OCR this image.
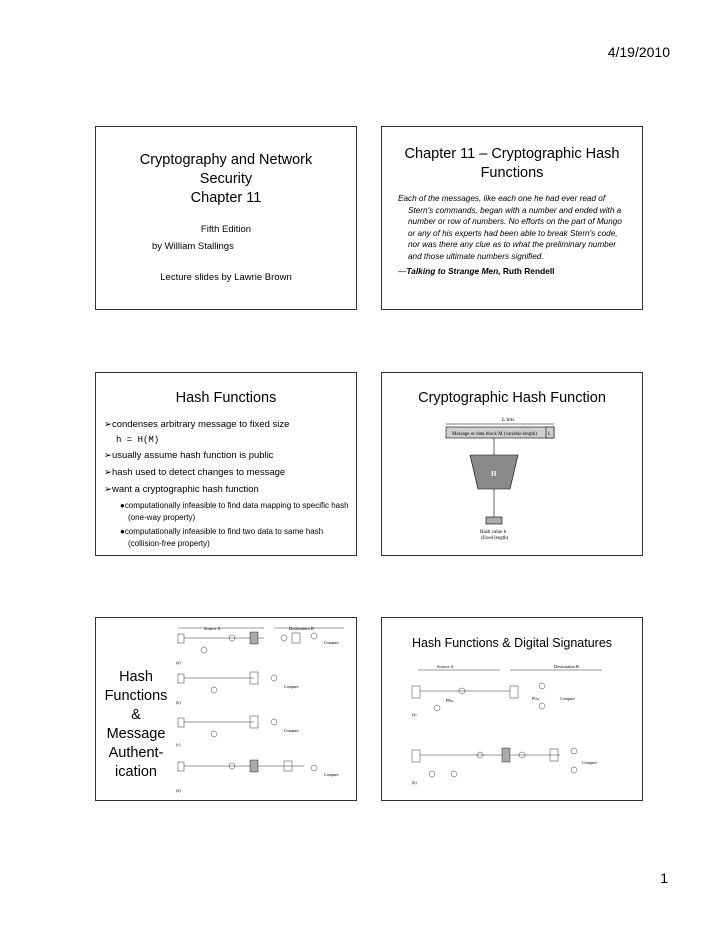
4/19/2010
Cryptography and Network
Security
Chapter 11
Fifth Edition
by William Stallings
Lecture slides by Lawrie Brown
Chapter 11 – Cryptographic Hash
Functions

Each of the messages, like each one he had ever read of Stern's commands, began with a number and ended with a number or row of numbers. No efforts on the part of Mungo or any of his experts had been able to break Stern's code, nor was there any clue as to what the preliminary number and those ultimate numbers signified.

—Talking to Strange Men, Ruth Rendell

Hash Functions

➢condenses arbitrary message to fixed size

h = H(M)

➢usually assume hash function is public

➢hash used to detect changes to message

➢want a cryptographic hash function

●computationally infeasible to find data mapping to specific hash (one-way property)

●computationally infeasible to find two data to same hash (collision-free property)

Cryptographic Hash Function
L bits
Message or data block M (variable length) L
H
Hash value h
(fixed length)
Hash
Functions &
Message
Authent-
ication
Source A	Destination B
Compare
(a)
Compare
(b)
Compare
(c)
Compare
(d)
Hash Functions & Digital Signatures
Source A	Destination B
PRa	PUa	Compare
(a)
Compare
(b)
1
